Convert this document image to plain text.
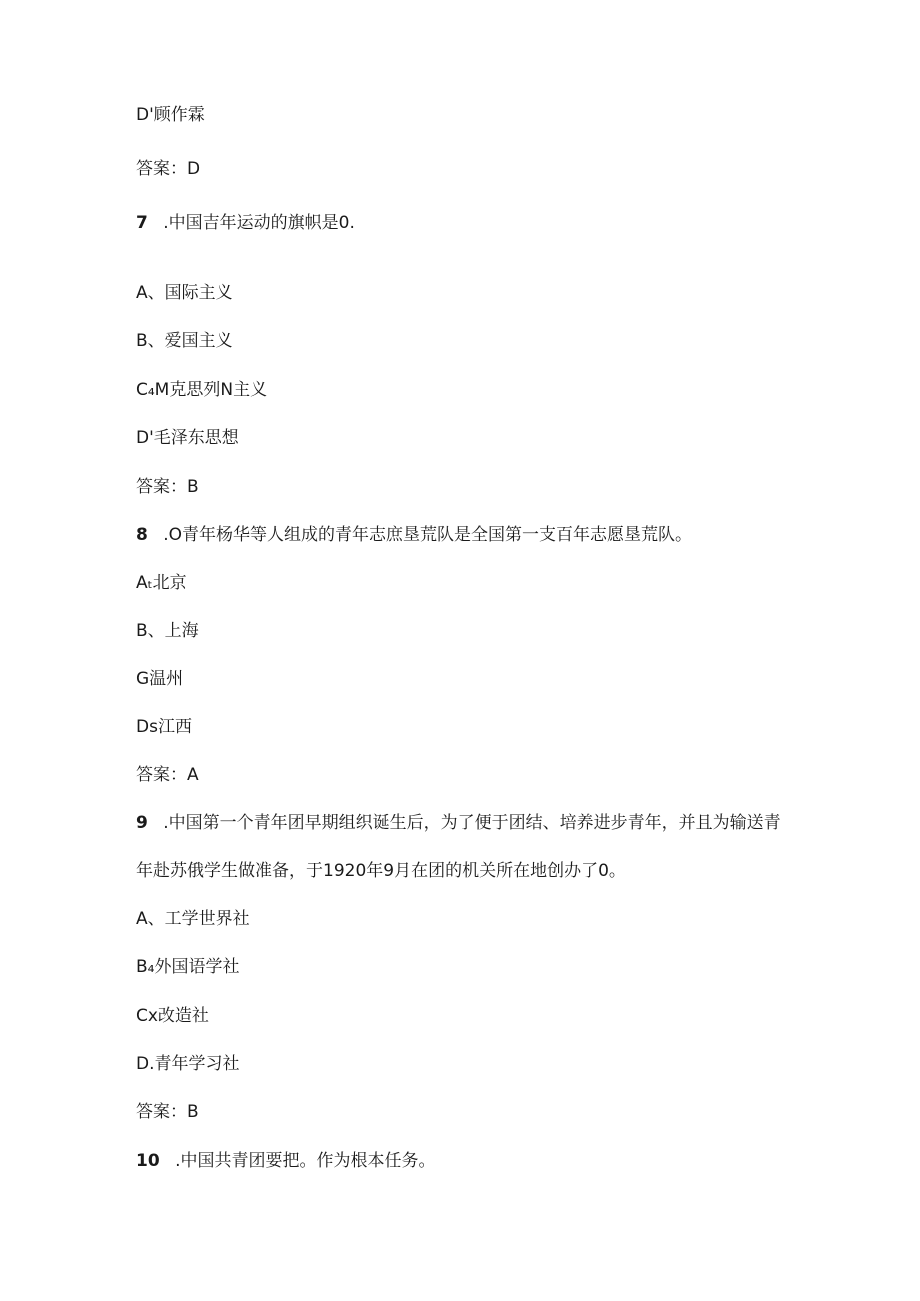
D'顾作霖
答案：D
7 .中国吉年运动的旗帜是0.
A、国际主义
B、爱国主义
C₄M克思列N主义
D'毛泽东思想
答案：B
8 .O青年杨华等人组成的青年志庶垦荒队是全国第一支百年志愿垦荒队。
Aₜ北京
B、上海
G温州
Ds江西
答案：A
9 .中国第一个青年团早期组织诞生后，为了便于团结、培养进步青年，并且为输送青
年赴苏俄学生做准备，于1920年9月在团的机关所在地创办了0。
A、工学世界社
B₄外国语学社
Cx改造社
D.青年学习社
答案：B
10 .中国共青团要把。作为根本任务。
